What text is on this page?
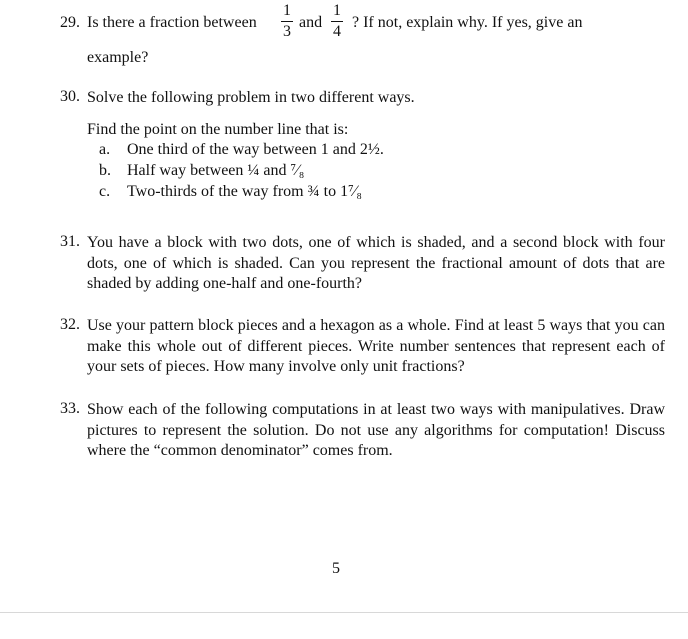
29. Is there a fraction between
1
3
and
1
4
? If not, explain why. If yes, give an
example?
30. Solve the following problem in two different ways.
Find the point on the number line that is:
a. One third of the way between 1 and 2½.
b. Half way between ¼ and ⁷⁄₈
c. Two-thirds of the way from ¾ to 1⁷⁄₈
31. You have a block with two dots, one of which is shaded, and a second block with four dots, one of which is shaded. Can you represent the fractional amount of dots that are shaded by adding one-half and one-fourth?
32. Use your pattern block pieces and a hexagon as a whole. Find at least 5 ways that you can make this whole out of different pieces. Write number sentences that represent each of your sets of pieces. How many involve only unit fractions?
33. Show each of the following computations in at least two ways with manipulatives. Draw pictures to represent the solution. Do not use any algorithms for computation! Discuss where the “common denominator” comes from.
5
